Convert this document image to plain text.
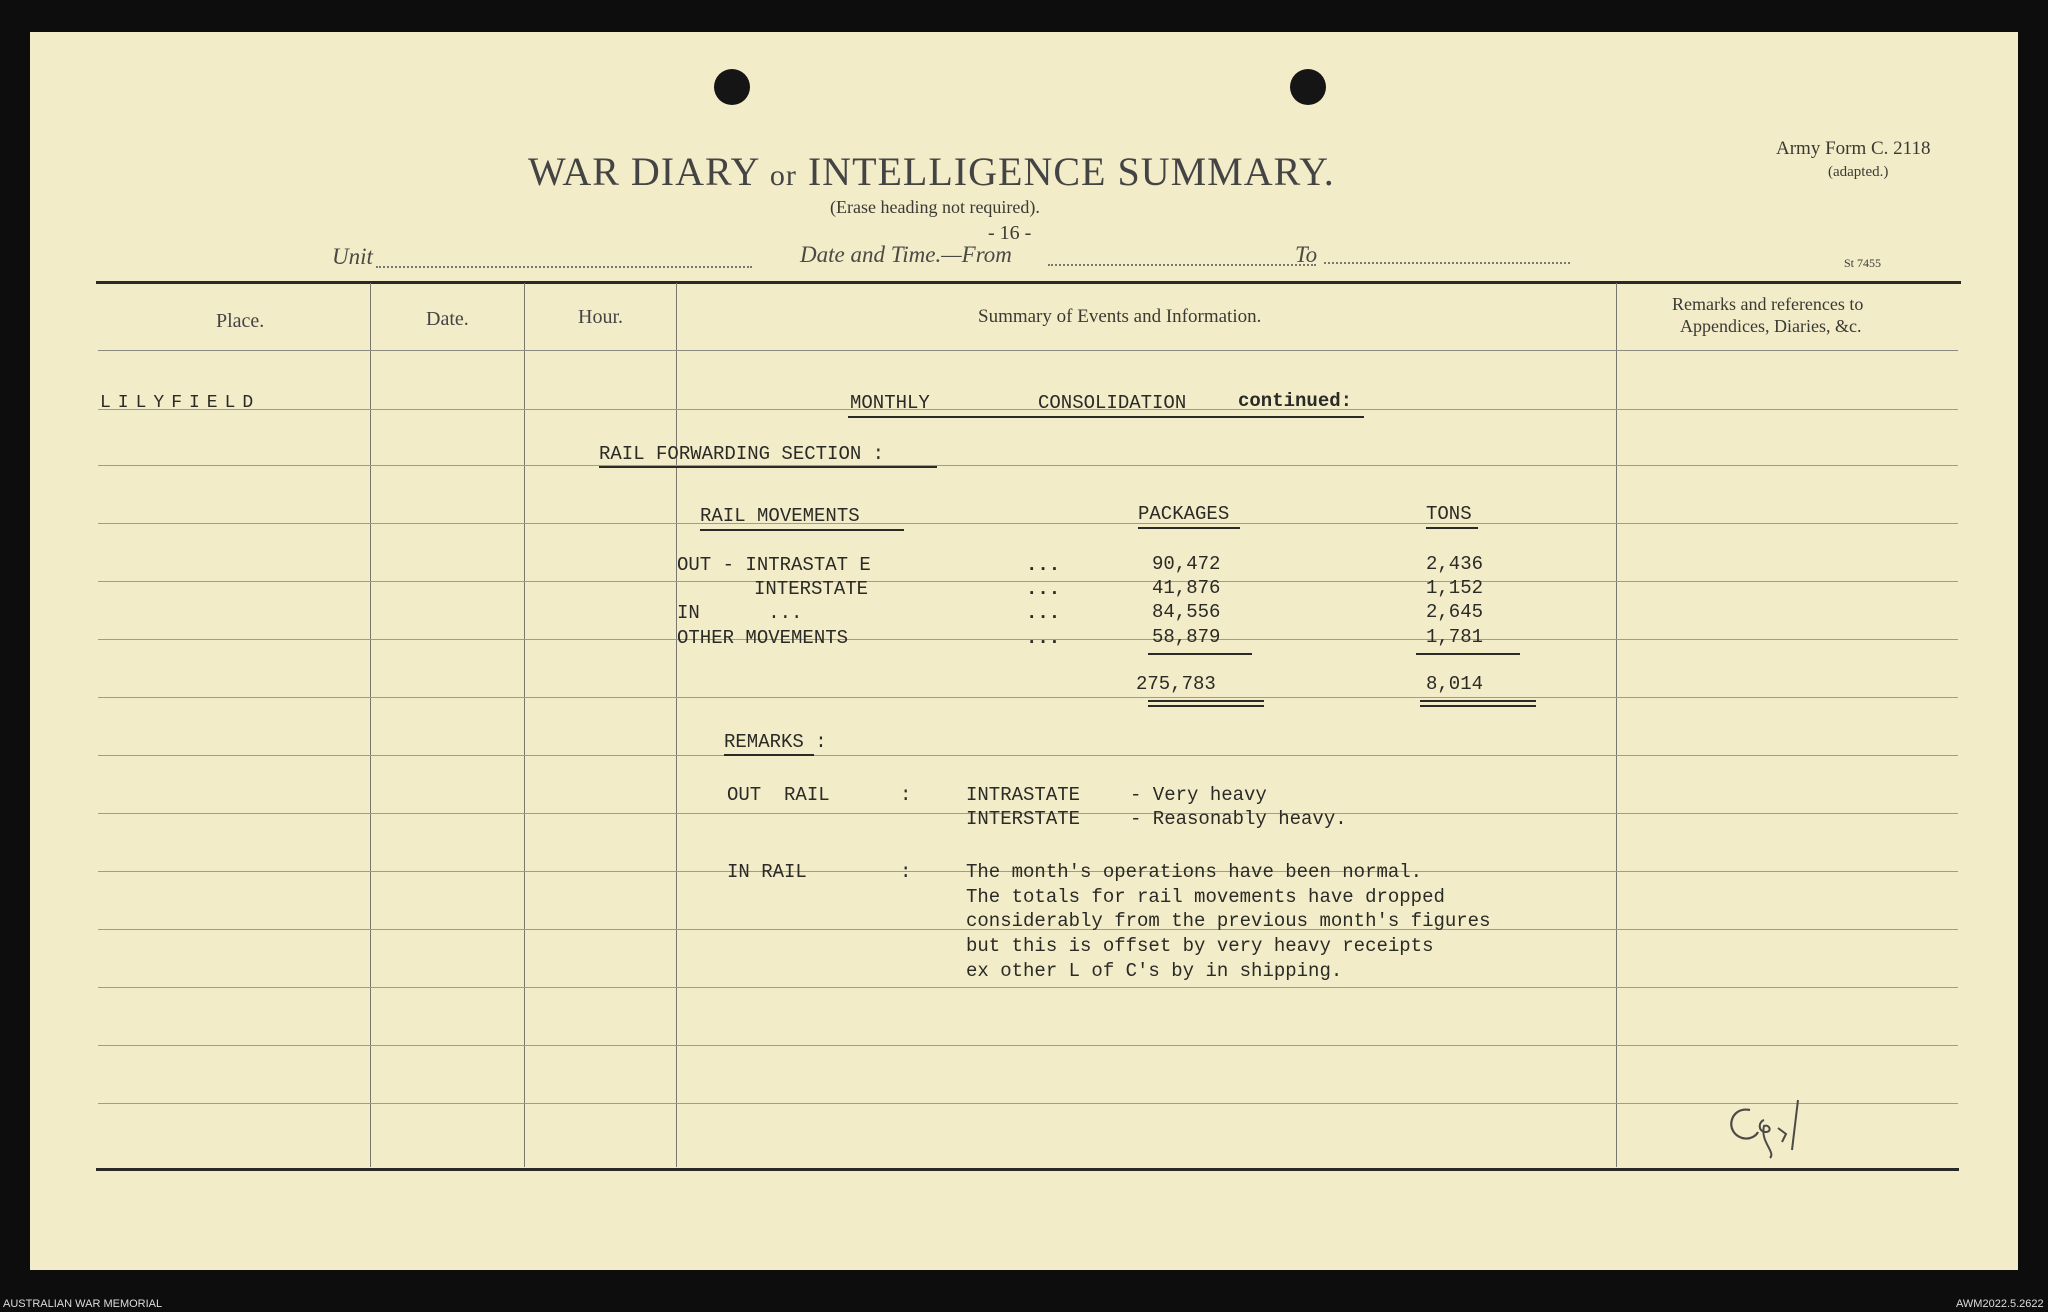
WAR DIARY or INTELLIGENCE SUMMARY.
(Erase heading not required).
- 16 -
Army Form C. 2118
(adapted.)
St 7455
Unit	Date and Time.—From	To
Place.	Date.	Hour.	Summary of Events and Information.
Remarks and references to
Appendices, Diaries, &c.
LILYFIELD	MONTHLY	CONSOLIDATION	continued:
RAIL FORWARDING SECTION :
RAIL MOVEMENTS	PACKAGES	TONS
OUT - INTRASTAT E	...	90,472	2,436
INTERSTATE	...	41,876	1,152
IN      ...	...	84,556	2,645
OTHER MOVEMENTS	...	58,879	1,781
275,783	8,014
REMARKS :
OUT  RAIL	:	INTRASTATE	- Very heavy
INTERSTATE	- Reasonably heavy.
IN RAIL	:	The month's operations have been normal.
The totals for rail movements have dropped
considerably from the previous month's figures
but this is offset by very heavy receipts
ex other L of C's by in shipping.
AUSTRALIAN WAR MEMORIAL	AWM2022.5.2622
